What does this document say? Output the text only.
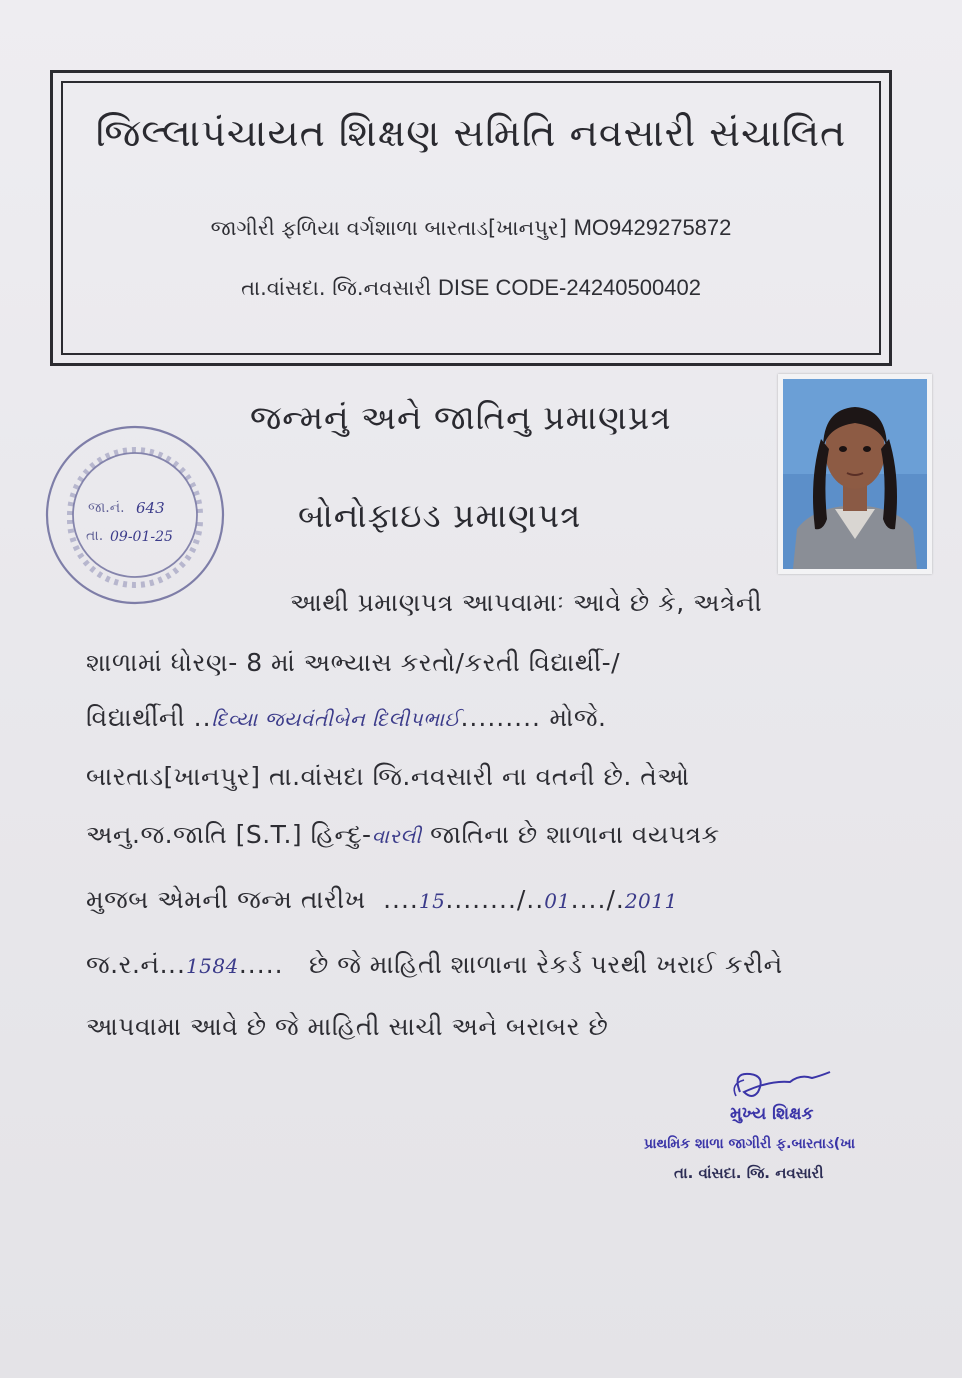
જિલ્લાપંચાયત શિક્ષણ સમિતિ નવસારી સંચાલિત
જાગીરી ફળિયા વર્ગશાળા બારતાડ[ખાનપુર] MO9429275872
તા.વાંસદા. જિ.નવસારી DISE CODE-24240500402
જા.નં. 643
તા. 09-01-25
જન્મનું અને જાતિનુ પ્રમાણપ્રત્ર
બોનોફાઇડ પ્રમાણપત્ર
આથી પ્રમાણપત્ર આપવામાઃ આવે છે કે, અત્રેની
શાળામાં ધોરણ- 8 માં અભ્યાસ કરતો/કરતી વિદ્યાર્થી-/
વિદ્યાર્થીની ..દિવ્યા જયવંતીબેન દિલીપભાઈ......... મોજે.
બારતાડ[ખાનપુર] તા.વાંસદા જિ.નવસારી ના વતની છે. તેઓ
અનુ.જ.જાતિ [S.T.] હિન્દુ-વારલી જાતિના છે શાળાના વયપત્રક
મુજબ એમની જન્મ તારીખ  ....15......../..01..../.2011
જ.ર.નં...1584..... છે જે માહિતી શાળાના રેકર્ડ પરથી ખરાઈ કરીને
આપવામા આવે છે જે માહિતી સાચી અને બરાબર છે
મુખ્ય શિક્ષક
પ્રાથમિક શાળા જાગીરી ફ.બારતાડ(ખા
તા. વાંસદા. જિ. નવસારી
